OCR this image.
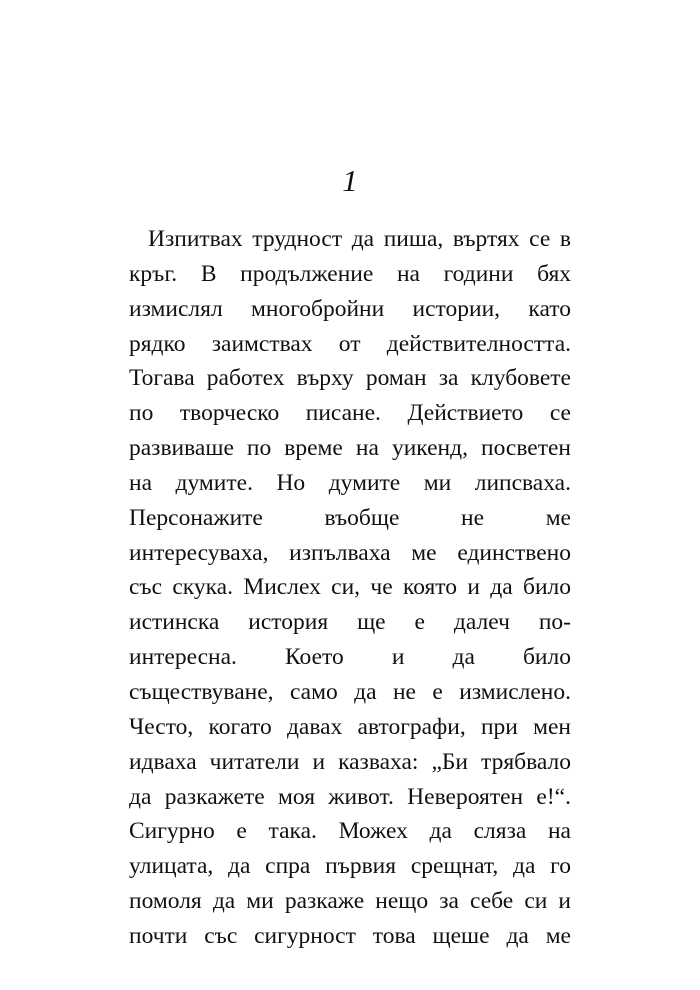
1
Изпитвах трудност да пиша, въртях се в
кръг. В продължение на години бях
измислял многобройни истории, като
рядко заимствах от действителността.
Тогава работех върху роман за клубовете
по творческо писане. Действието се
развиваше по време на уикенд, посветен
на думите. Но думите ми липсваха.
Персонажите въобще не ме
интересуваха, изпълваха ме единствено
със скука. Мислех си, че която и да било
истинска история ще е далеч по-
интересна. Което и да било
съществуване, само да не е измислено.
Често, когато давах автографи, при мен
идваха читатели и казваха: „Би трябвало
да разкажете моя живот. Невероятен е!“.
Сигурно е така. Можех да сляза на
улицата, да спра първия срещнат, да го
помоля да ми разкаже нещо за себе си и
почти със сигурност това щеше да ме
